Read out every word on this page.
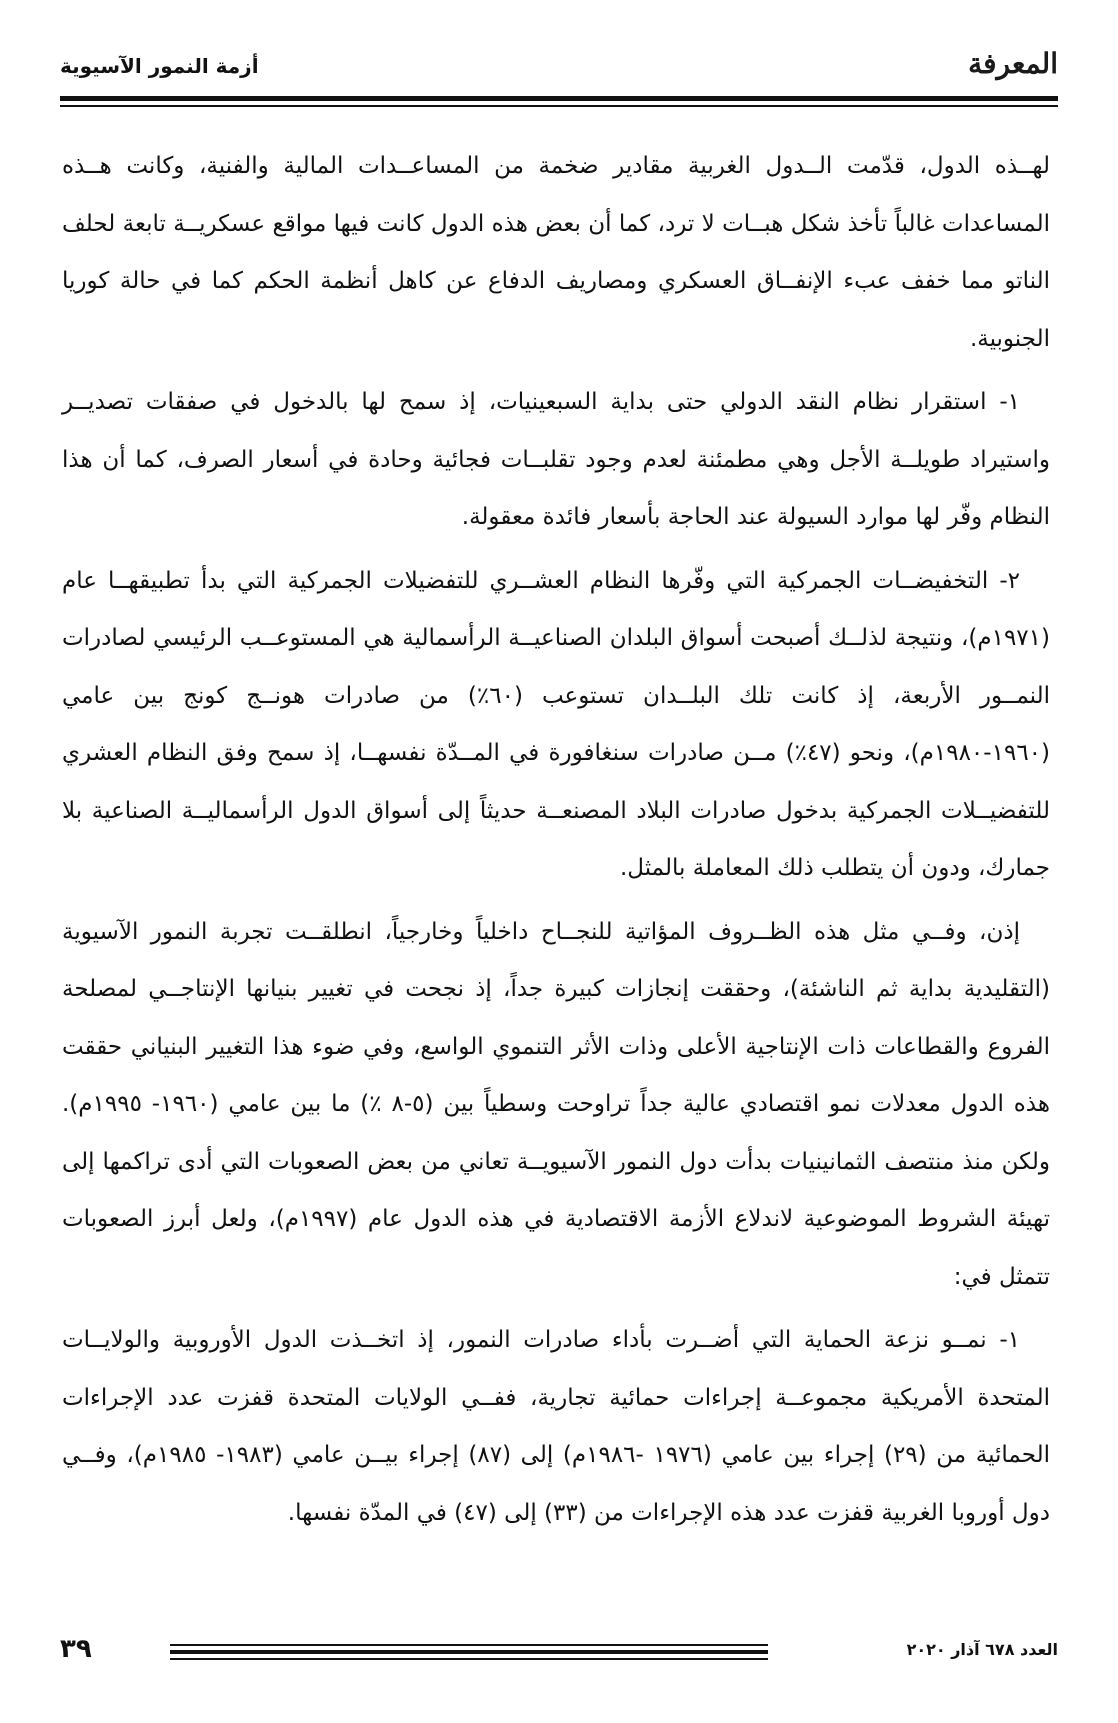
المعرفة
أزمة النمور الآسيوية

لهــذه الدول، قدّمت الــدول الغربية مقادير ضخمة من المساعــدات المالية والفنية، وكانت هــذه المساعدات غالباً تأخذ شكل هبــات لا ترد، كما أن بعض هذه الدول كانت فيها مواقع عسكريــة تابعة لحلف الناتو مما خفف عبء الإنفــاق العسكري ومصاريف الدفاع عن كاهل أنظمة الحكم كما في حالة كوريا الجنوبية.

١- استقرار نظام النقد الدولي حتى بداية السبعينيات، إذ سمح لها بالدخول في صفقات تصديــر واستيراد طويلــة الأجل وهي مطمئنة لعدم وجود تقلبــات فجائية وحادة في أسعار الصرف، كما أن هذا النظام وفّر لها موارد السيولة عند الحاجة بأسعار فائدة معقولة.

٢- التخفيضــات الجمركية التي وفّرها النظام العشــري للتفضيلات الجمركية التي بدأ تطبيقهــا عام (١٩٧١م)، ونتيجة لذلــك أصبحت أسواق البلدان الصناعيــة الرأسمالية هي المستوعــب الرئيسي لصادرات النمــور الأربعة، إذ كانت تلك البلــدان تستوعب (٦٠٪) من صادرات هونــج كونج بين عامي (١٩٦٠-١٩٨٠م)، ونحو (٤٧٪) مــن صادرات سنغافورة في المــدّة نفسهــا، إذ سمح وفق النظام العشري للتفضيــلات الجمركية بدخول صادرات البلاد المصنعــة حديثاً إلى أسواق الدول الرأسماليــة الصناعية بلا جمارك، ودون أن يتطلب ذلك المعاملة بالمثل.

إذن، وفــي مثل هذه الظــروف المؤاتية للنجــاح داخلياً وخارجياً، انطلقــت تجربة النمور الآسيوية (التقليدية بداية ثم الناشئة)، وحققت إنجازات كبيرة جداً، إذ نجحت في تغيير بنيانها الإنتاجــي لمصلحة الفروع والقطاعات ذات الإنتاجية الأعلى وذات الأثر التنموي الواسع، وفي ضوء هذا التغيير البنياني حققت هذه الدول معدلات نمو اقتصادي عالية جداً تراوحت وسطياً بين (٥-٨ ٪) ما بين عامي (١٩٦٠- ١٩٩٥م). ولكن منذ منتصف الثمانينيات بدأت دول النمور الآسيويــة تعاني من بعض الصعوبات التي أدى تراكمها إلى تهيئة الشروط الموضوعية لاندلاع الأزمة الاقتصادية في هذه الدول عام (١٩٩٧م)، ولعل أبرز الصعوبات تتمثل في:

١- نمــو نزعة الحماية التي أضــرت بأداء صادرات النمور، إذ اتخــذت الدول الأوروبية والولايــات المتحدة الأمريكية مجموعــة إجراءات حمائية تجارية، ففــي الولايات المتحدة قفزت عدد الإجراءات الحمائية من (٢٩) إجراء بين عامي (١٩٧٦ -١٩٨٦م) إلى (٨٧) إجراء بيــن عامي (١٩٨٣- ١٩٨٥م)، وفــي دول أوروبا الغربية قفزت عدد هذه الإجراءات من (٣٣) إلى (٤٧) في المدّة نفسها.

العدد ٦٧٨ آذار ٢٠٢٠
٣٩
